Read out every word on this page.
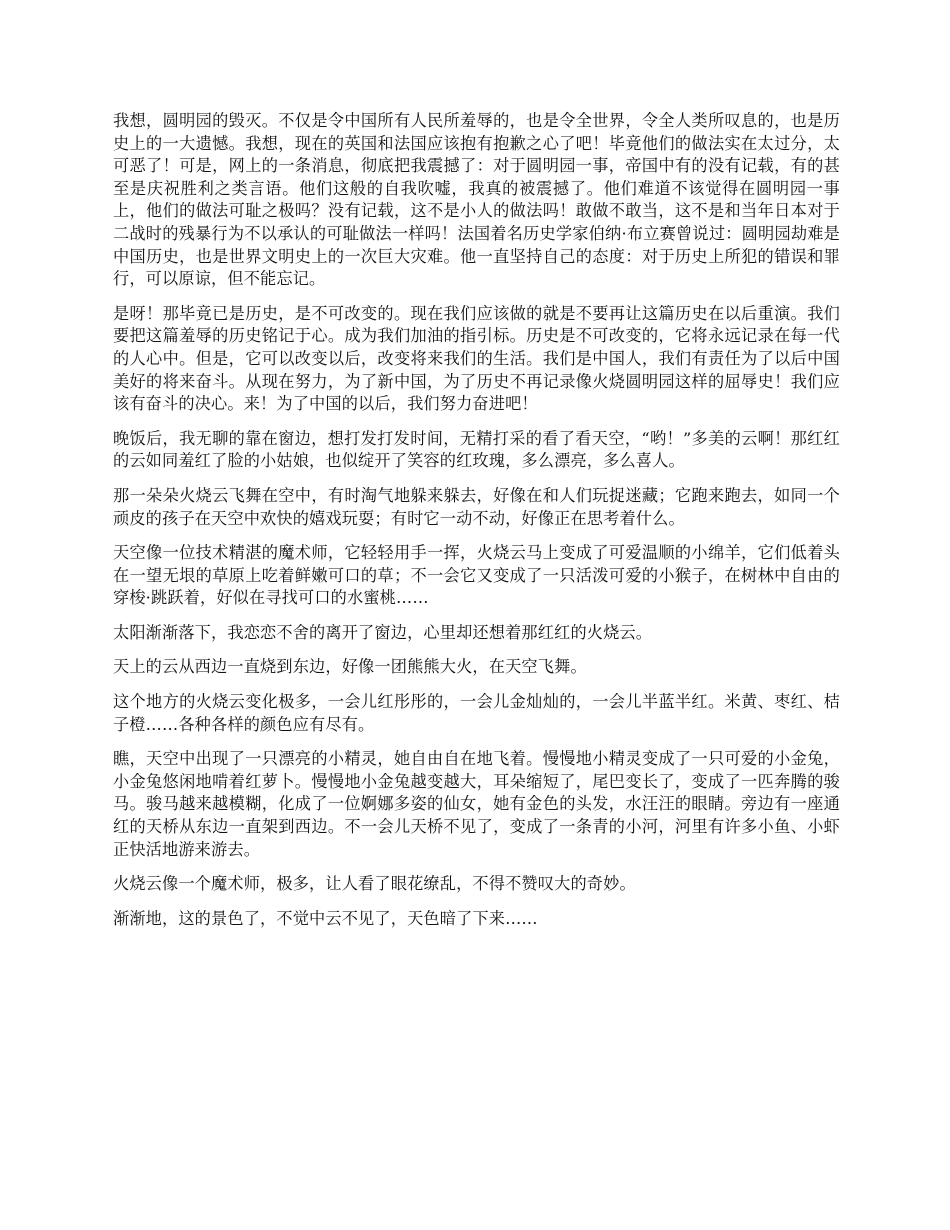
我想，圆明园的毁灭。不仅是令中国所有人民所羞辱的，也是令全世界，令全人类所叹息的，也是历史上的一大遗憾。我想，现在的英国和法国应该抱有抱歉之心了吧！毕竟他们的做法实在太过分，太可恶了！可是，网上的一条消息，彻底把我震撼了：对于圆明园一事，帝国中有的没有记载，有的甚至是庆祝胜利之类言语。他们这般的自我吹嘘，我真的被震撼了。他们难道不该觉得在圆明园一事上，他们的做法可耻之极吗？没有记载，这不是小人的做法吗！敢做不敢当，这不是和当年日本对于二战时的残暴行为不以承认的可耻做法一样吗！法国着名历史学家伯纳·布立赛曾说过：圆明园劫难是中国历史，也是世界文明史上的一次巨大灾难。他一直坚持自己的态度：对于历史上所犯的错误和罪行，可以原谅，但不能忘记。

是呀！那毕竟已是历史，是不可改变的。现在我们应该做的就是不要再让这篇历史在以后重演。我们要把这篇羞辱的历史铭记于心。成为我们加油的指引标。历史是不可改变的，它将永远记录在每一代的人心中。但是，它可以改变以后，改变将来我们的生活。我们是中国人，我们有责任为了以后中国美好的将来奋斗。从现在努力，为了新中国，为了历史不再记录像火烧圆明园这样的屈辱史！我们应该有奋斗的决心。来！为了中国的以后，我们努力奋进吧！

晚饭后，我无聊的靠在窗边，想打发打发时间，无精打采的看了看天空，“哟！”多美的云啊！那红红的云如同羞红了脸的小姑娘，也似绽开了笑容的红玫瑰，多么漂亮，多么喜人。

那一朵朵火烧云飞舞在空中，有时淘气地躲来躲去，好像在和人们玩捉迷藏；它跑来跑去，如同一个顽皮的孩子在天空中欢快的嬉戏玩耍；有时它一动不动，好像正在思考着什么。

天空像一位技术精湛的魔术师，它轻轻用手一挥，火烧云马上变成了可爱温顺的小绵羊，它们低着头在一望无垠的草原上吃着鲜嫩可口的草；不一会它又变成了一只活泼可爱的小猴子，在树林中自由的穿梭·跳跃着，好似在寻找可口的水蜜桃……

太阳渐渐落下，我恋恋不舍的离开了窗边，心里却还想着那红红的火烧云。

天上的云从西边一直烧到东边，好像一团熊熊大火，在天空飞舞。

这个地方的火烧云变化极多，一会儿红彤彤的，一会儿金灿灿的，一会儿半蓝半红。米黄、枣红、桔子橙……各种各样的颜色应有尽有。

瞧，天空中出现了一只漂亮的小精灵，她自由自在地飞着。慢慢地小精灵变成了一只可爱的小金兔，小金兔悠闲地啃着红萝卜。慢慢地小金兔越变越大，耳朵缩短了，尾巴变长了，变成了一匹奔腾的骏马。骏马越来越模糊，化成了一位婀娜多姿的仙女，她有金色的头发，水汪汪的眼睛。旁边有一座通红的天桥从东边一直架到西边。不一会儿天桥不见了，变成了一条青的小河，河里有许多小鱼、小虾正快活地游来游去。

火烧云像一个魔术师，极多，让人看了眼花缭乱，不得不赞叹大的奇妙。

渐渐地，这的景色了，不觉中云不见了，天色暗了下来……
